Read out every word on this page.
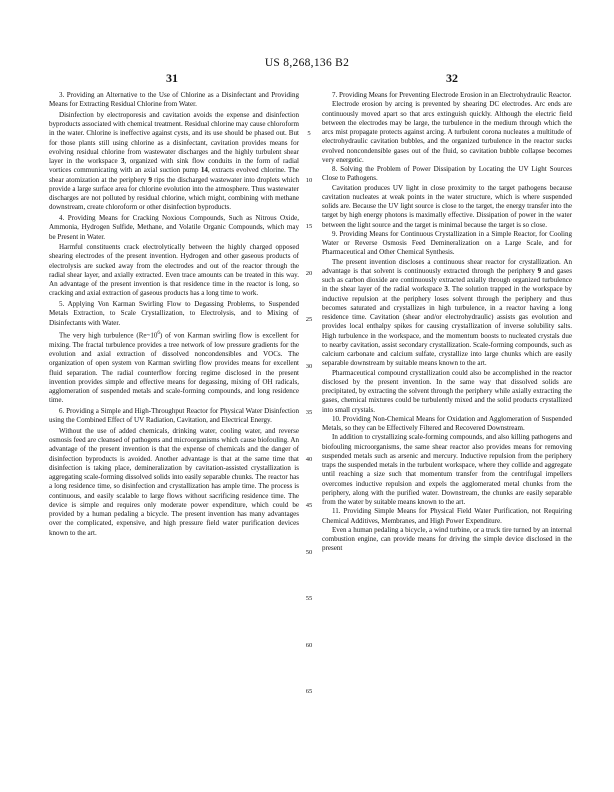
US 8,268,136 B2
31	32

3. Providing an Alternative to the Use of Chlorine as a Disinfectant and Providing Means for Extracting Residual Chlorine from Water.

Disinfection by electroporesis and cavitation avoids the expense and disinfection byproducts associated with chemical treatment. Residual chlorine may cause chloroform in the water. Chlorine is ineffective against cysts, and its use should be phased out. But for those plants still using chlorine as a disinfectant, cavitation provides means for evolving residual chlorine from wastewater discharges and the highly turbulent shear layer in the workspace 3, organized with sink flow conduits in the form of radial vortices communicating with an axial suction pump 14, extracts evolved chlorine. The shear atomization at the periphery 9 rips the discharged wastewater into droplets which provide a large surface area for chlorine evolution into the atmosphere. Thus wastewater discharges are not polluted by residual chlorine, which might, combining with methane downstream, create chloroform or other disinfection byproducts.

4. Providing Means for Cracking Noxious Compounds, Such as Nitrous Oxide, Ammonia, Hydrogen Sulfide, Methane, and Volatile Organic Compounds, which may be Present in Water.

Harmful constituents crack electrolytically between the highly charged opposed shearing electrodes of the present invention. Hydrogen and other gaseous products of electrolysis are sucked away from the electrodes and out of the reactor through the radial shear layer, and axially extracted. Even trace amounts can be treated in this way. An advantage of the present invention is that residence time in the reactor is long, so cracking and axial extraction of gaseous products has a long time to work.

5. Applying Von Karman Swirling Flow to Degassing Problems, to Suspended Metals Extraction, to Scale Crystallization, to Electrolysis, and to Mixing of Disinfectants with Water.

The very high turbulence $(Re\sim 10^6)$ of von Karman swirling flow is excellent for mixing. The fractal turbulence provides a tree network of low pressure gradients for the evolution and axial extraction of dissolved noncondensibles and VOCs. The organization of open system von Karman swirling flow provides means for excellent fluid separation. The radial counterflow forcing regime disclosed in the present invention provides simple and effective means for degassing, mixing of OH radicals, agglomeration of suspended metals and scale-forming compounds, and long residence time.

6. Providing a Simple and High-Throughput Reactor for Physical Water Disinfection using the Combined Effect of UV Radiation, Cavitation, and Electrical Energy.

Without the use of added chemicals, drinking water, cooling water, and reverse osmosis feed are cleansed of pathogens and microorganisms which cause biofouling. An advantage of the present invention is that the expense of chemicals and the danger of disinfection byproducts is avoided. Another advantage is that at the same time that disinfection is taking place, demineralization by cavitation-assisted crystallization is aggregating scale-forming dissolved solids into easily separable chunks. The reactor has a long residence time, so disinfection and crystallization has ample time. The process is continuous, and easily scalable to large flows without sacrificing residence time. The device is simple and requires only moderate power expenditure, which could be provided by a human pedaling a bicycle. The present invention has many advantages over the complicated, expensive, and high pressure field water purification devices known to the art.

5
10
15
20
25
30
35
40
45
50
55
60
65

7. Providing Means for Preventing Electrode Erosion in an Electrohydraulic Reactor.

Electrode erosion by arcing is prevented by shearing DC electrodes. Arc ends are continuously moved apart so that arcs extinguish quickly. Although the electric field between the electrodes may be large, the turbulence in the medium through which the arcs mist propagate protects against arcing. A turbulent corona nucleates a multitude of electrohydraulic cavitation bubbles, and the organized turbulence in the reactor sucks evolved noncondensible gases out of the fluid, so cavitation bubble collapse becomes very energetic.

8. Solving the Problem of Power Dissipation by Locating the UV Light Sources Close to Pathogens.

Cavitation produces UV light in close proximity to the target pathogens because cavitation nucleates at weak points in the water structure, which is where suspended solids are. Because the UV light source is close to the target, the energy transfer into the target by high energy photons is maximally effective. Dissipation of power in the water between the light source and the target is minimal because the target is so close.

9. Providing Means for Continuous Crystallization in a Simple Reactor, for Cooling Water or Reverse Osmosis Feed Demineralization on a Large Scale, and for Pharmaceutical and Other Chemical Synthesis.

The present invention discloses a continuous shear reactor for crystallization. An advantage is that solvent is continuously extracted through the periphery 9 and gases such as carbon dioxide are continuously extracted axially through organized turbulence in the shear layer of the radial workspace 3. The solution trapped in the workspace by inductive repulsion at the periphery loses solvent through the periphery and thus becomes saturated and crystallizes in high turbulence, in a reactor having a long residence time. Cavitation (shear and/or electrohydraulic) assists gas evolution and provides local enthalpy spikes for causing crystallization of inverse solubility salts. High turbulence in the workspace, and the momentum boosts to nucleated crystals due to nearby cavitation, assist secondary crystallization. Scale-forming compounds, such as calcium carbonate and calcium sulfate, crystallize into large chunks which are easily separable downstream by suitable means known to the art.

Pharmaceutical compound crystallization could also be accomplished in the reactor disclosed by the present invention. In the same way that dissolved solids are precipitated, by extracting the solvent through the periphery while axially extracting the gases, chemical mixtures could be turbulently mixed and the solid products crystallized into small crystals.

10. Providing Non-Chemical Means for Oxidation and Agglomeration of Suspended Metals, so they can be Effectively Filtered and Recovered Downstream.

In addition to crystallizing scale-forming compounds, and also killing pathogens and biofouling microorganisms, the same shear reactor also provides means for removing suspended metals such as arsenic and mercury. Inductive repulsion from the periphery traps the suspended metals in the turbulent workspace, where they collide and aggregate until reaching a size such that momentum transfer from the centrifugal impellers overcomes inductive repulsion and expels the agglomerated metal chunks from the periphery, along with the purified water. Downstream, the chunks are easily separable from the water by suitable means known to the art.

11. Providing Simple Means for Physical Field Water Purification, not Requiring Chemical Additives, Membranes, and High Power Expenditure.

Even a human pedaling a bicycle, a wind turbine, or a truck tire turned by an internal combustion engine, can provide means for driving the simple device disclosed in the present
